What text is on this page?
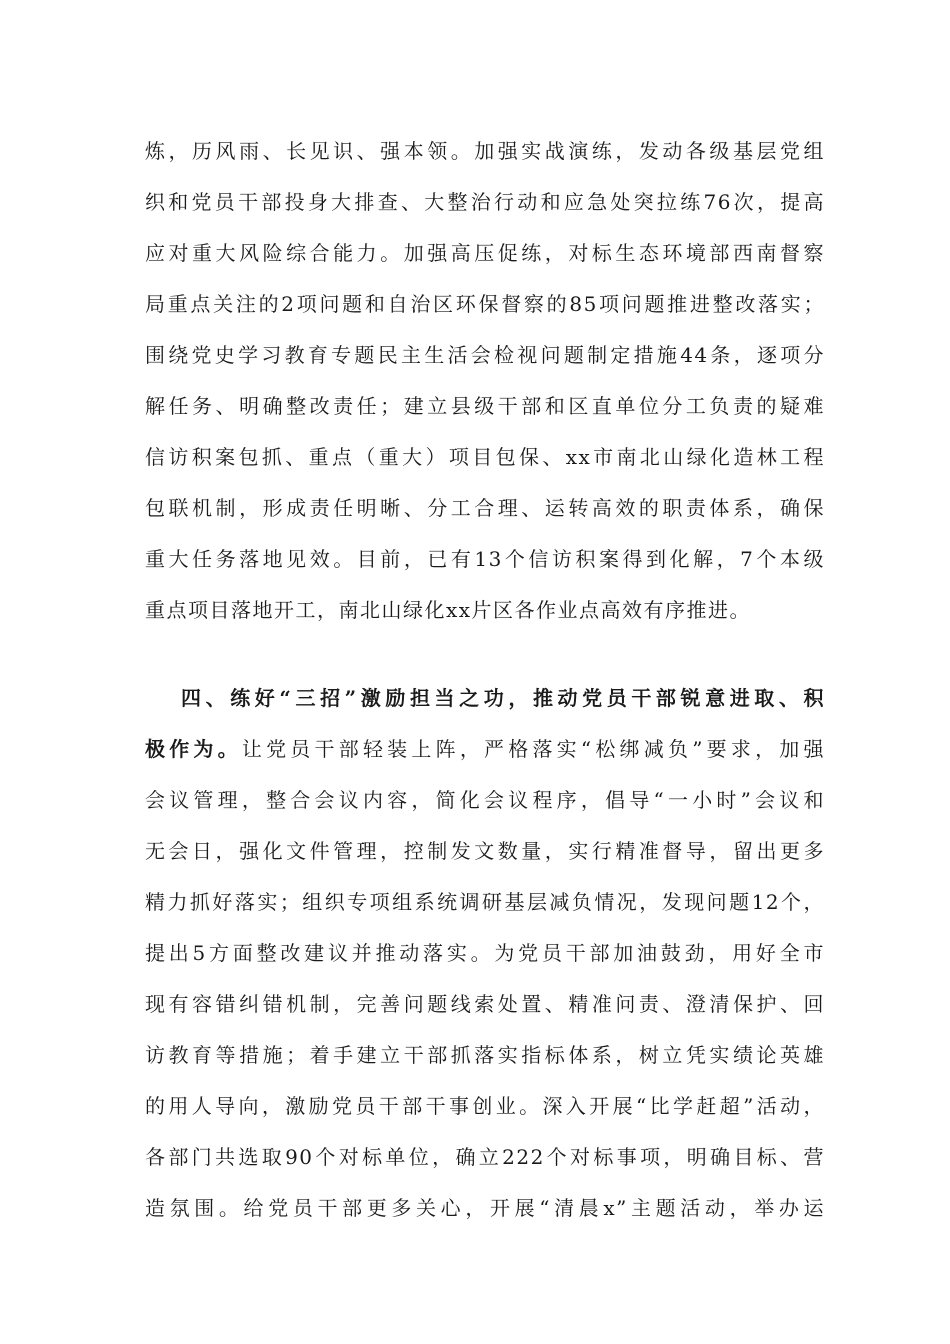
炼，历风雨、长见识、强本领。加强实战演练，发动各级基层党组
织和党员干部投身大排查、大整治行动和应急处突拉练76次，提高
应对重大风险综合能力。加强高压促练，对标生态环境部西南督察
局重点关注的2项问题和自治区环保督察的85项问题推进整改落实；
围绕党史学习教育专题民主生活会检视问题制定措施44条，逐项分
解任务、明确整改责任；建立县级干部和区直单位分工负责的疑难
信访积案包抓、重点（重大）项目包保、xx市南北山绿化造林工程
包联机制，形成责任明晰、分工合理、运转高效的职责体系，确保
重大任务落地见效。目前，已有13个信访积案得到化解，7个本级
重点项目落地开工，南北山绿化xx片区各作业点高效有序推进。
四、练好“三招”激励担当之功，推动党员干部锐意进取、积
极作为。让党员干部轻装上阵，严格落实“松绑减负”要求，加强
会议管理，整合会议内容，简化会议程序，倡导“一小时”会议和
无会日，强化文件管理，控制发文数量，实行精准督导，留出更多
精力抓好落实；组织专项组系统调研基层减负情况，发现问题12个，
提出5方面整改建议并推动落实。为党员干部加油鼓劲，用好全市
现有容错纠错机制，完善问题线索处置、精准问责、澄清保护、回
访教育等措施；着手建立干部抓落实指标体系，树立凭实绩论英雄
的用人导向，激励党员干部干事创业。深入开展“比学赶超”活动，
各部门共选取90个对标单位，确立222个对标事项，明确目标、营
造氛围。给党员干部更多关心，开展“清晨x”主题活动，举办运
